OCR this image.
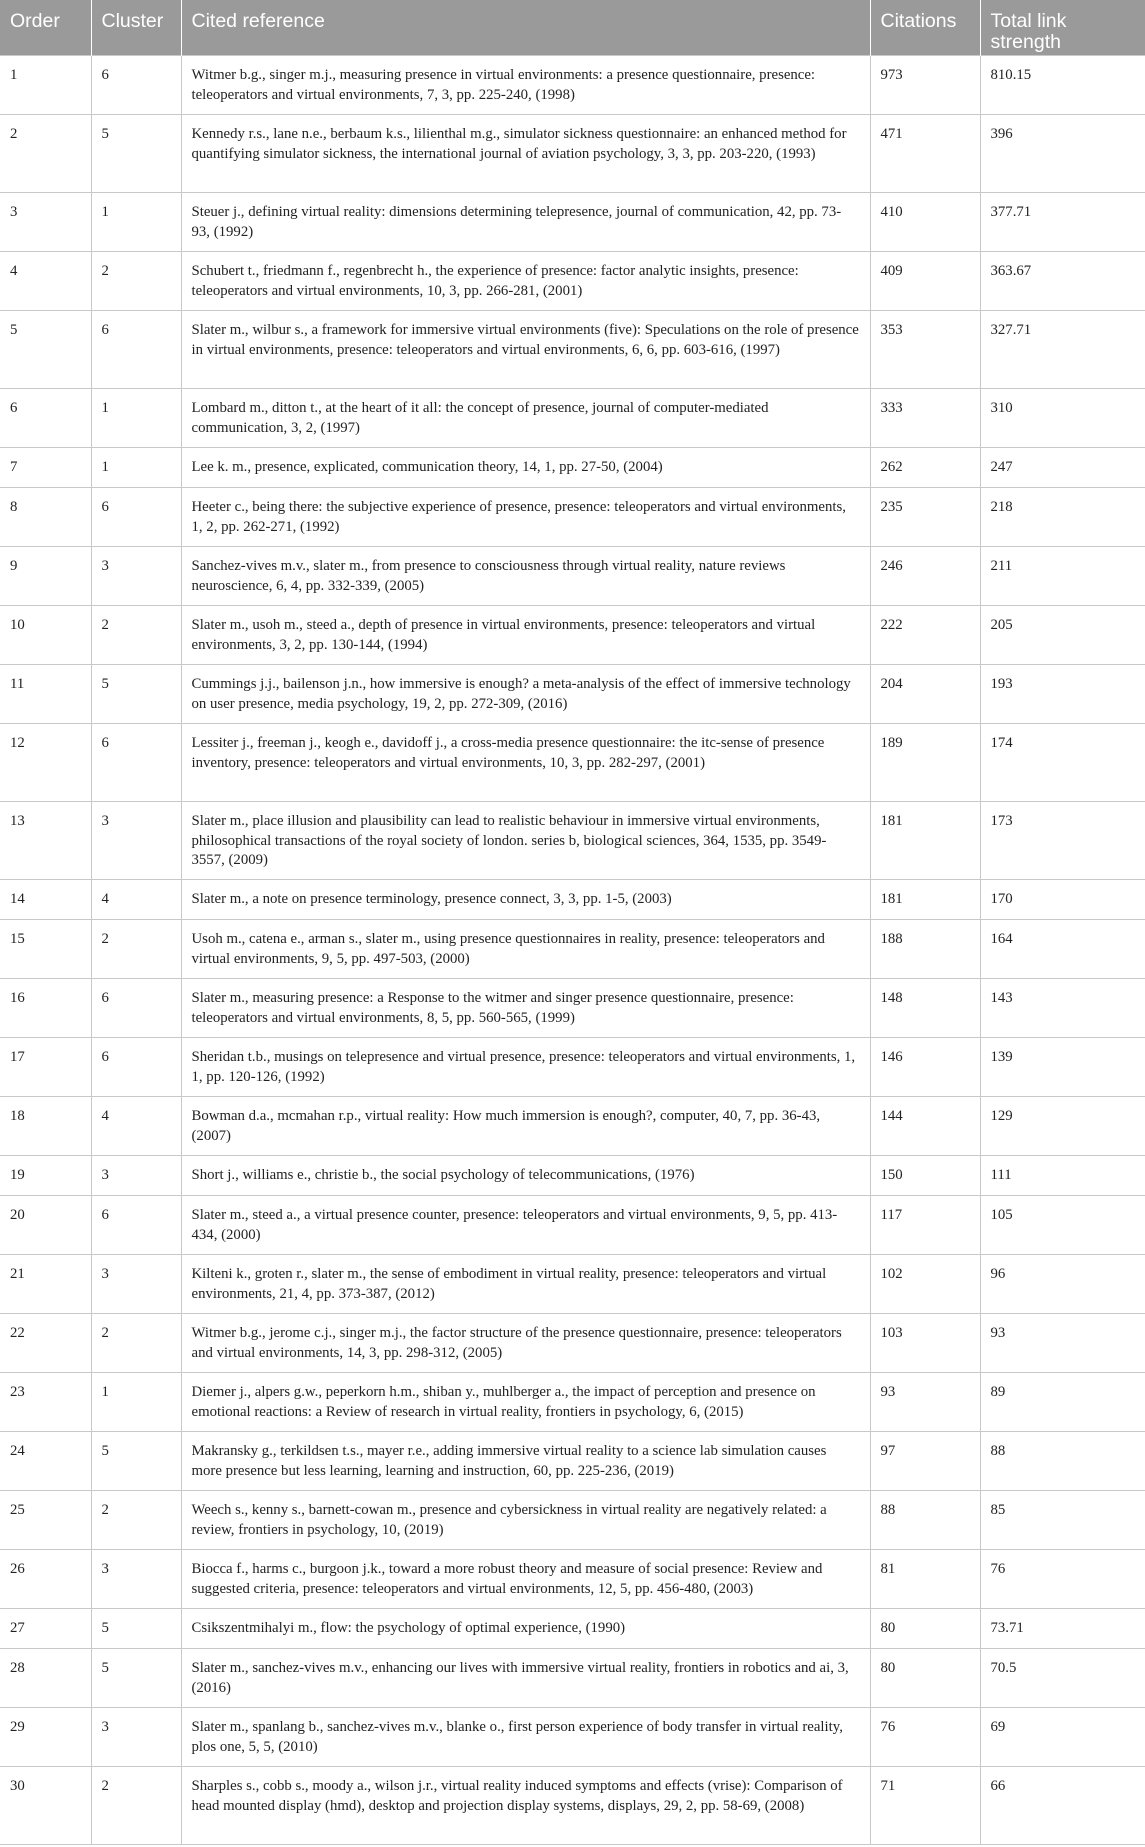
Order	Cluster	Cited reference	Citations	Total link strength
1	6	Witmer b.g., singer m.j., measuring presence in virtual environments: a presence questionnaire, presence: teleoperators and virtual environments, 7, 3, pp. 225-240, (1998)	973	810.15
2	5	Kennedy r.s., lane n.e., berbaum k.s., lilienthal m.g., simulator sickness questionnaire: an enhanced method for quantifying simulator sickness, the international journal of aviation psychology, 3, 3, pp. 203-220, (1993)	471	396
3	1	Steuer j., defining virtual reality: dimensions determining telepresence, journal of communication, 42, pp. 73-93, (1992)	410	377.71
4	2	Schubert t., friedmann f., regenbrecht h., the experience of presence: factor analytic insights, presence: teleoperators and virtual environments, 10, 3, pp. 266-281, (2001)	409	363.67
5	6	Slater m., wilbur s., a framework for immersive virtual environments (five): Speculations on the role of presence in virtual environments, presence: teleoperators and virtual environments, 6, 6, pp. 603-616, (1997)	353	327.71
6	1	Lombard m., ditton t., at the heart of it all: the concept of presence, journal of computer-mediated communication, 3, 2, (1997)	333	310
7	1	Lee k. m., presence, explicated, communication theory, 14, 1, pp. 27-50, (2004)	262	247
8	6	Heeter c., being there: the subjective experience of presence, presence: teleoperators and virtual environments, 1, 2, pp. 262-271, (1992)	235	218
9	3	Sanchez-vives m.v., slater m., from presence to consciousness through virtual reality, nature reviews neuroscience, 6, 4, pp. 332-339, (2005)	246	211
10	2	Slater m., usoh m., steed a., depth of presence in virtual environments, presence: teleoperators and virtual environments, 3, 2, pp. 130-144, (1994)	222	205
11	5	Cummings j.j., bailenson j.n., how immersive is enough? a meta-analysis of the effect of immersive technology on user presence, media psychology, 19, 2, pp. 272-309, (2016)	204	193
12	6	Lessiter j., freeman j., keogh e., davidoff j., a cross-media presence questionnaire: the itc-sense of presence inventory, presence: teleoperators and virtual environments, 10, 3, pp. 282-297, (2001)	189	174
13	3	Slater m., place illusion and plausibility can lead to realistic behaviour in immersive virtual environments, philosophical transactions of the royal society of london. series b, biological sciences, 364, 1535, pp. 3549-3557, (2009)	181	173
14	4	Slater m., a note on presence terminology, presence connect, 3, 3, pp. 1-5, (2003)	181	170
15	2	Usoh m., catena e., arman s., slater m., using presence questionnaires in reality, presence: teleoperators and virtual environments, 9, 5, pp. 497-503, (2000)	188	164
16	6	Slater m., measuring presence: a Response to the witmer and singer presence questionnaire, presence: teleoperators and virtual environments, 8, 5, pp. 560-565, (1999)	148	143
17	6	Sheridan t.b., musings on telepresence and virtual presence, presence: teleoperators and virtual environments, 1, 1, pp. 120-126, (1992)	146	139
18	4	Bowman d.a., mcmahan r.p., virtual reality: How much immersion is enough?, computer, 40, 7, pp. 36-43, (2007)	144	129
19	3	Short j., williams e., christie b., the social psychology of telecommunications, (1976)	150	111
20	6	Slater m., steed a., a virtual presence counter, presence: teleoperators and virtual environments, 9, 5, pp. 413-434, (2000)	117	105
21	3	Kilteni k., groten r., slater m., the sense of embodiment in virtual reality, presence: teleoperators and virtual environments, 21, 4, pp. 373-387, (2012)	102	96
22	2	Witmer b.g., jerome c.j., singer m.j., the factor structure of the presence questionnaire, presence: teleoperators and virtual environments, 14, 3, pp. 298-312, (2005)	103	93
23	1	Diemer j., alpers g.w., peperkorn h.m., shiban y., muhlberger a., the impact of perception and presence on emotional reactions: a Review of research in virtual reality, frontiers in psychology, 6, (2015)	93	89
24	5	Makransky g., terkildsen t.s., mayer r.e., adding immersive virtual reality to a science lab simulation causes more presence but less learning, learning and instruction, 60, pp. 225-236, (2019)	97	88
25	2	Weech s., kenny s., barnett-cowan m., presence and cybersickness in virtual reality are negatively related: a review, frontiers in psychology, 10, (2019)	88	85
26	3	Biocca f., harms c., burgoon j.k., toward a more robust theory and measure of social presence: Review and suggested criteria, presence: teleoperators and virtual environments, 12, 5, pp. 456-480, (2003)	81	76
27	5	Csikszentmihalyi m., flow: the psychology of optimal experience, (1990)	80	73.71
28	5	Slater m., sanchez-vives m.v., enhancing our lives with immersive virtual reality, frontiers in robotics and ai, 3, (2016)	80	70.5
29	3	Slater m., spanlang b., sanchez-vives m.v., blanke o., first person experience of body transfer in virtual reality, plos one, 5, 5, (2010)	76	69
30	2	Sharples s., cobb s., moody a., wilson j.r., virtual reality induced symptoms and effects (vrise): Comparison of head mounted display (hmd), desktop and projection display systems, displays, 29, 2, pp. 58-69, (2008)	71	66
